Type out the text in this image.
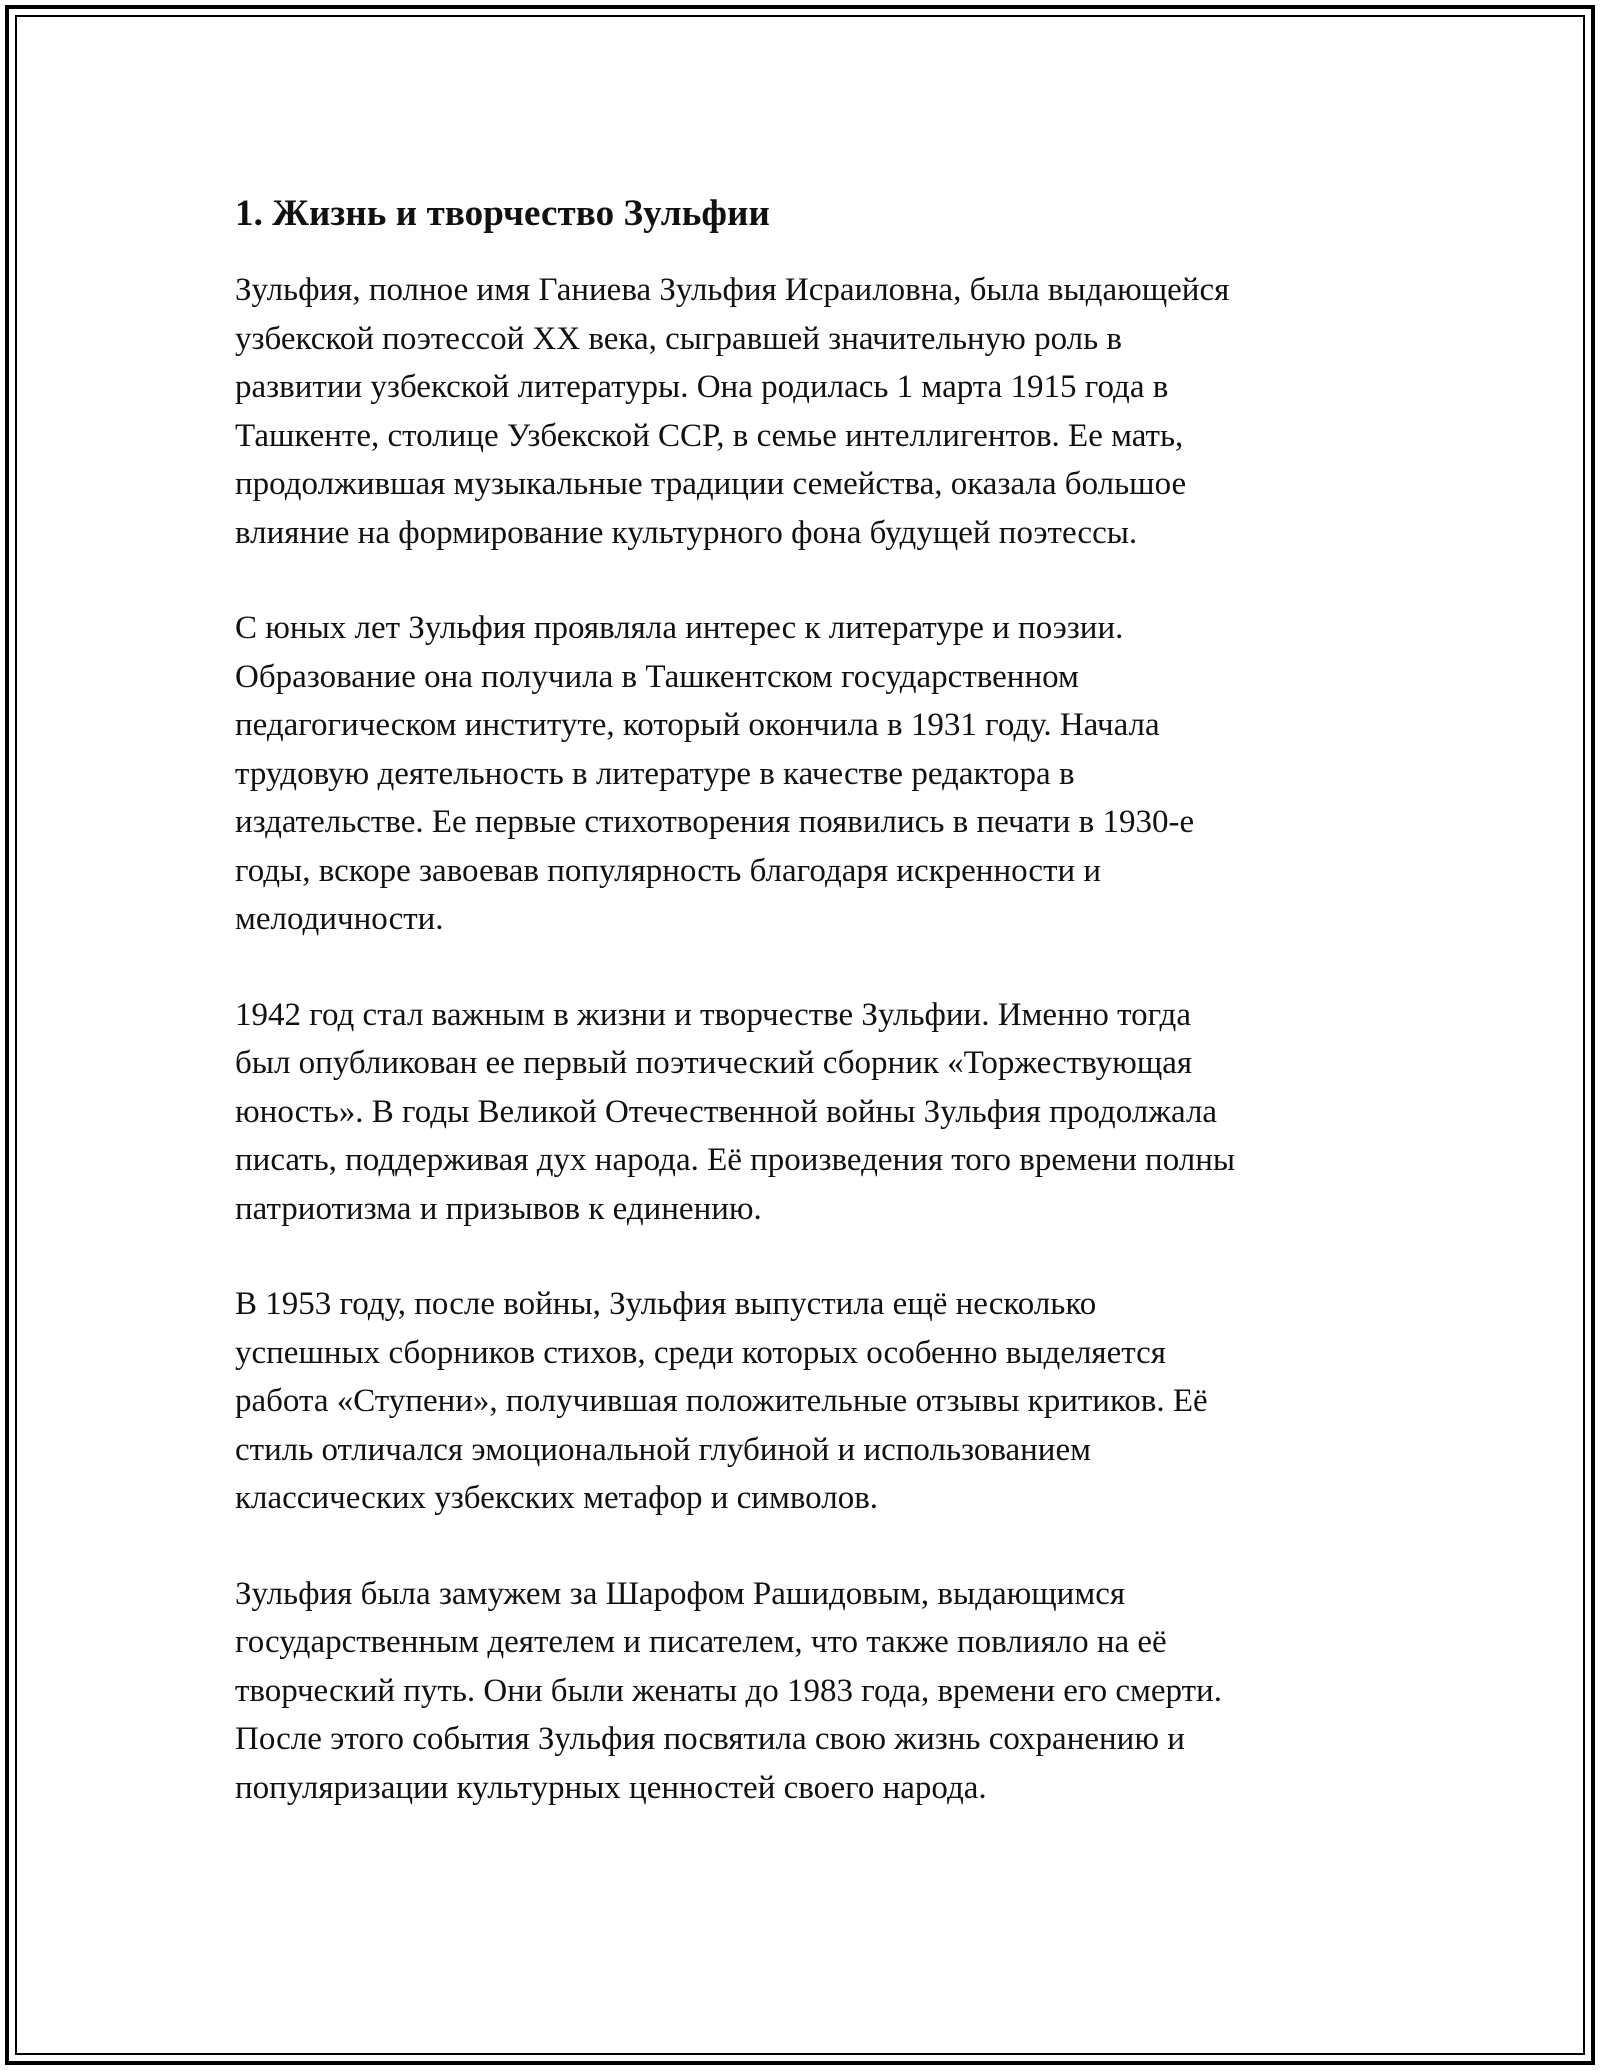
1. Жизнь и творчество Зульфии

Зульфия, полное имя Ганиева Зульфия Исраиловна, была выдающейся
узбекской поэтессой XX века, сыгравшей значительную роль в
развитии узбекской литературы. Она родилась 1 марта 1915 года в
Ташкенте, столице Узбекской ССР, в семье интеллигентов. Ее мать,
продолжившая музыкальные традиции семейства, оказала большое
влияние на формирование культурного фона будущей поэтессы.

С юных лет Зульфия проявляла интерес к литературе и поэзии.
Образование она получила в Ташкентском государственном
педагогическом институте, который окончила в 1931 году. Начала
трудовую деятельность в литературе в качестве редактора в
издательстве. Ее первые стихотворения появились в печати в 1930-е
годы, вскоре завоевав популярность благодаря искренности и
мелодичности.

1942 год стал важным в жизни и творчестве Зульфии. Именно тогда
был опубликован ее первый поэтический сборник «Торжествующая
юность». В годы Великой Отечественной войны Зульфия продолжала
писать, поддерживая дух народа. Её произведения того времени полны
патриотизма и призывов к единению.

В 1953 году, после войны, Зульфия выпустила ещё несколько
успешных сборников стихов, среди которых особенно выделяется
работа «Ступени», получившая положительные отзывы критиков. Её
стиль отличался эмоциональной глубиной и использованием
классических узбекских метафор и символов.

Зульфия была замужем за Шарофом Рашидовым, выдающимся
государственным деятелем и писателем, что также повлияло на её
творческий путь. Они были женаты до 1983 года, времени его смерти.
После этого события Зульфия посвятила свою жизнь сохранению и
популяризации культурных ценностей своего народа.
